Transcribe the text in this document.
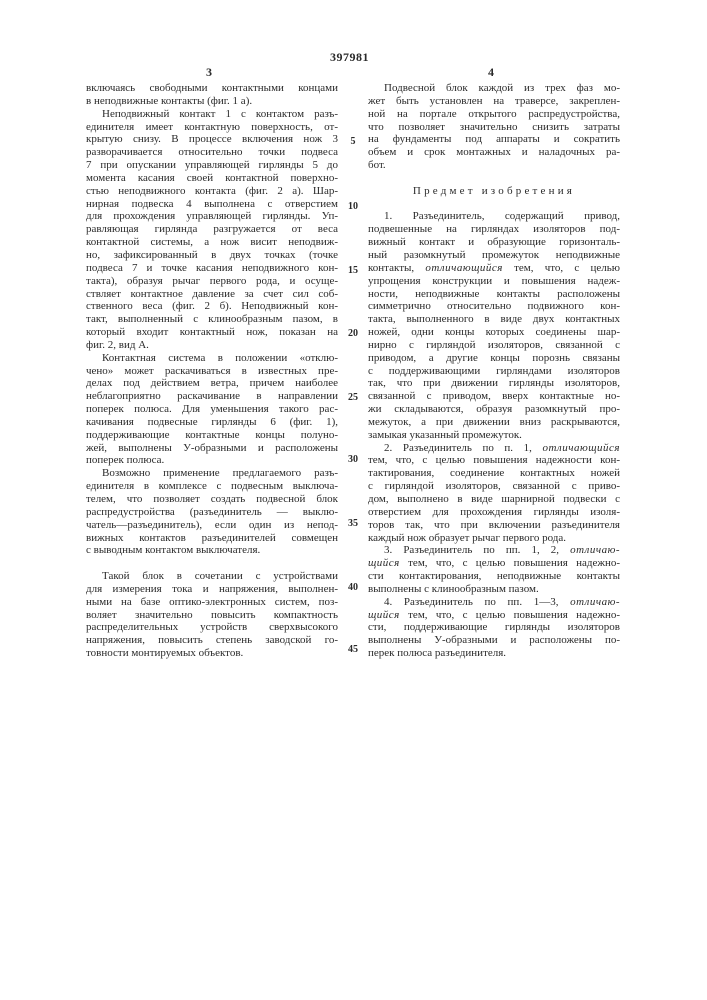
397981
3	4
5
10
15
20
25
30
35
40
45
включаясь свободными контактными концами
в неподвижные контакты (фиг. 1 а).
Неподвижный контакт 1 с контактом разъ-
единителя имеет контактную поверхность, от-
крытую снизу. В процессе включения нож 3
разворачивается относительно точки подвеса
7 при опускании управляющей гирлянды 5 до
момента касания своей контактной поверхно-
стью неподвижного контакта (фиг. 2 а). Шар-
нирная подвеска 4 выполнена с отверстием
для прохождения управляющей гирлянды. Уп-
равляющая гирлянда разгружается от веса
контактной системы, а нож висит неподвиж-
но, зафиксированный в двух точках (точке
подвеса 7 и точке касания неподвижного кон-
такта), образуя рычаг первого рода, и осуще-
ствляет контактное давление за счет сил соб-
ственного веса (фиг. 2 б). Неподвижный кон-
такт, выполненный с клинообразным пазом, в
который входит контактный нож, показан на
фиг. 2, вид А.
Контактная система в положении «отклю-
чено» может раскачиваться в известных пре-
делах под действием ветра, причем наиболее
неблагоприятно раскачивание в направлении
поперек полюса. Для уменьшения такого рас-
качивания подвесные гирлянды 6 (фиг. 1),
поддерживающие контактные концы полуно-
жей, выполнены У-образными и расположены
поперек полюса.
Возможно применение предлагаемого разъ-
единителя в комплексе с подвесным выключа-
телем, что позволяет создать подвесной блок
распредустройства (разъединитель — выклю-
чатель—разъединитель), если один из непод-
вижных контактов разъединителей совмещен
с выводным контактом выключателя.
Такой блок в сочетании с устройствами
для измерения тока и напряжения, выполнен-
ными на базе оптико-электронных систем, поз-
воляет значительно повысить компактность
распределительных устройств сверхвысокого
напряжения, повысить степень заводской го-
товности монтируемых объектов.
Подвесной блок каждой из трех фаз мо-
жет быть установлен на траверсе, закреплен-
ной на портале открытого распредустройства,
что позволяет значительно снизить затраты
на фундаменты под аппараты и сократить
объем и срок монтажных и наладочных ра-
бот.
Предмет изобретения
1. Разъединитель, содержащий привод,
подвешенные на гирляндах изоляторов под-
вижный контакт и образующие горизонталь-
ный разомкнутый промежуток неподвижные
контакты, отличающийся тем, что, с целью
упрощения конструкции и повышения надеж-
ности, неподвижные контакты расположены
симметрично относительно подвижного кон-
такта, выполненного в виде двух контактных
ножей, одни концы которых соединены шар-
нирно с гирляндой изоляторов, связанной с
приводом, а другие концы порознь связаны
с поддерживающими гирляндами изоляторов
так, что при движении гирлянды изоляторов,
связанной с приводом, вверх контактные но-
жи складываются, образуя разомкнутый про-
межуток, а при движении вниз раскрываются,
замыкая указанный промежуток.
2. Разъединитель по п. 1, отличающийся
тем, что, с целью повышения надежности кон-
тактирования, соединение контактных ножей
с гирляндой изоляторов, связанной с приво-
дом, выполнено в виде шарнирной подвески с
отверстием для прохождения гирлянды изоля-
торов так, что при включении разъединителя
каждый нож образует рычаг первого рода.
3. Разъединитель по пп. 1, 2, отличаю-
щийся тем, что, с целью повышения надежно-
сти контактирования, неподвижные контакты
выполнены с клинообразным пазом.
4. Разъединитель по пп. 1—3, отличаю-
щийся тем, что, с целью повышения надежно-
сти, поддерживающие гирлянды изоляторов
выполнены У-образными и расположены по-
перек полюса разъединителя.
